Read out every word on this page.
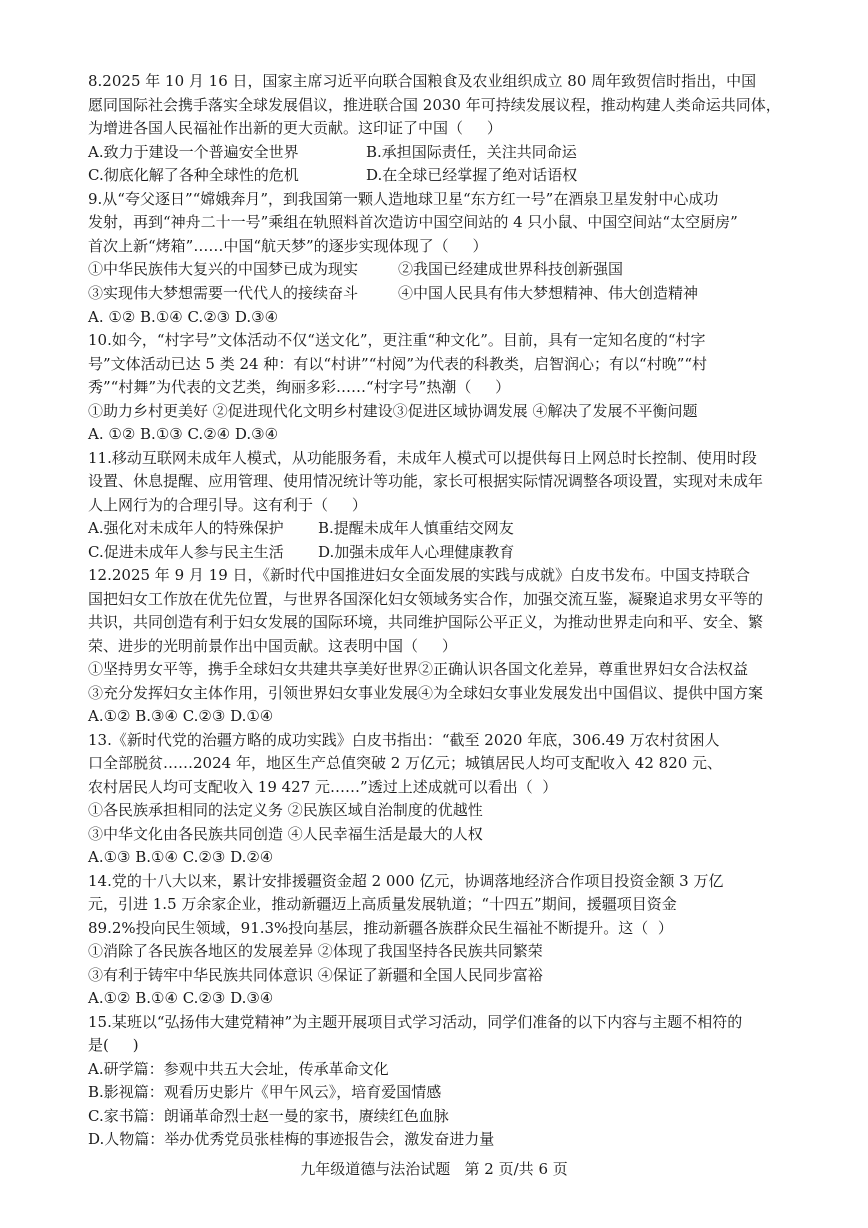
8.2025 年 10 月 16 日，国家主席习近平向联合国粮食及农业组织成立 80 周年致贺信时指出，中国
愿同国际社会携手落实全球发展倡议，推进联合国 2030 年可持续发展议程，推动构建人类命运共同体，
为增进各国人民福祉作出新的更大贡献。这印证了中国（     ）
A.致力于建设一个普遍安全世界	B.承担国际责任，关注共同命运
C.彻底化解了各种全球性的危机	D.在全球已经掌握了绝对话语权
9.从“夸父逐日”“嫦娥奔月”，到我国第一颗人造地球卫星“东方红一号”在酒泉卫星发射中心成功
发射，再到“神舟二十一号”乘组在轨照料首次造访中国空间站的 4 只小鼠、中国空间站“太空厨房”
首次上新“烤箱”……中国“航天梦”的逐步实现体现了（     ）
①中华民族伟大复兴的中国梦已成为现实	②我国已经建成世界科技创新强国
③实现伟大梦想需要一代代人的接续奋斗	④中国人民具有伟大梦想精神、伟大创造精神
A. ①② B.①④ C.②③ D.③④
10.如今，“村字号”文体活动不仅“送文化”，更注重“种文化”。目前，具有一定知名度的“村字
号”文体活动已达 5 类 24 种：有以“村讲”“村阅”为代表的科教类，启智润心；有以“村晚”“村
秀”“村舞”为代表的文艺类，绚丽多彩……“村字号”热潮（     ）
①助力乡村更美好 ②促进现代化文明乡村建设③促进区域协调发展 ④解决了发展不平衡问题
A. ①② B.①③ C.②④ D.③④
11.移动互联网未成年人模式，从功能服务看，未成年人模式可以提供每日上网总时长控制、使用时段
设置、休息提醒、应用管理、使用情况统计等功能，家长可根据实际情况调整各项设置，实现对未成年
人上网行为的合理引导。这有利于（     ）
A.强化对未成年人的特殊保护 B.提醒未成年人慎重结交网友
C.促进未成年人参与民主生活 D.加强未成年人心理健康教育
12.2025 年 9 月 19 日，《新时代中国推进妇女全面发展的实践与成就》白皮书发布。中国支持联合
国把妇女工作放在优先位置，与世界各国深化妇女领域务实合作，加强交流互鉴，凝聚追求男女平等的
共识，共同创造有利于妇女发展的国际环境，共同维护国际公平正义，为推动世界走向和平、安全、繁
荣、进步的光明前景作出中国贡献。这表明中国（     ）
①坚持男女平等，携手全球妇女共建共享美好世界②正确认识各国文化差异，尊重世界妇女合法权益
③充分发挥妇女主体作用，引领世界妇女事业发展④为全球妇女事业发展发出中国倡议、提供中国方案
A.①② B.③④ C.②③ D.①④
13.《新时代党的治疆方略的成功实践》白皮书指出：“截至 2020 年底，306.49 万农村贫困人
口全部脱贫……2024 年，地区生产总值突破 2 万亿元；城镇居民人均可支配收入 42 820 元、
农村居民人均可支配收入 19 427 元……”透过上述成就可以看出（  ）
①各民族承担相同的法定义务 ②民族区域自治制度的优越性
③中华文化由各民族共同创造 ④人民幸福生活是最大的人权
A.①③ B.①④ C.②③ D.②④
14.党的十八大以来，累计安排援疆资金超 2 000 亿元，协调落地经济合作项目投资金额 3 万亿
元，引进 1.5 万余家企业，推动新疆迈上高质量发展轨道；“十四五”期间，援疆项目资金
89.2%投向民生领域，91.3%投向基层，推动新疆各族群众民生福祉不断提升。这（  ）
①消除了各民族各地区的发展差异 ②体现了我国坚持各民族共同繁荣
③有利于铸牢中华民族共同体意识 ④保证了新疆和全国人民同步富裕
A.①② B.①④ C.②③ D.③④
15.某班以“弘扬伟大建党精神”为主题开展项目式学习活动，同学们准备的以下内容与主题不相符的
是(     )
A.研学篇：参观中共五大会址，传承革命文化
B.影视篇：观看历史影片《甲午风云》，培育爱国情感
C.家书篇：朗诵革命烈士赵一曼的家书，赓续红色血脉
D.人物篇：举办优秀党员张桂梅的事迹报告会，激发奋进力量
九年级道德与法治试题   第 2 页/共 6 页
